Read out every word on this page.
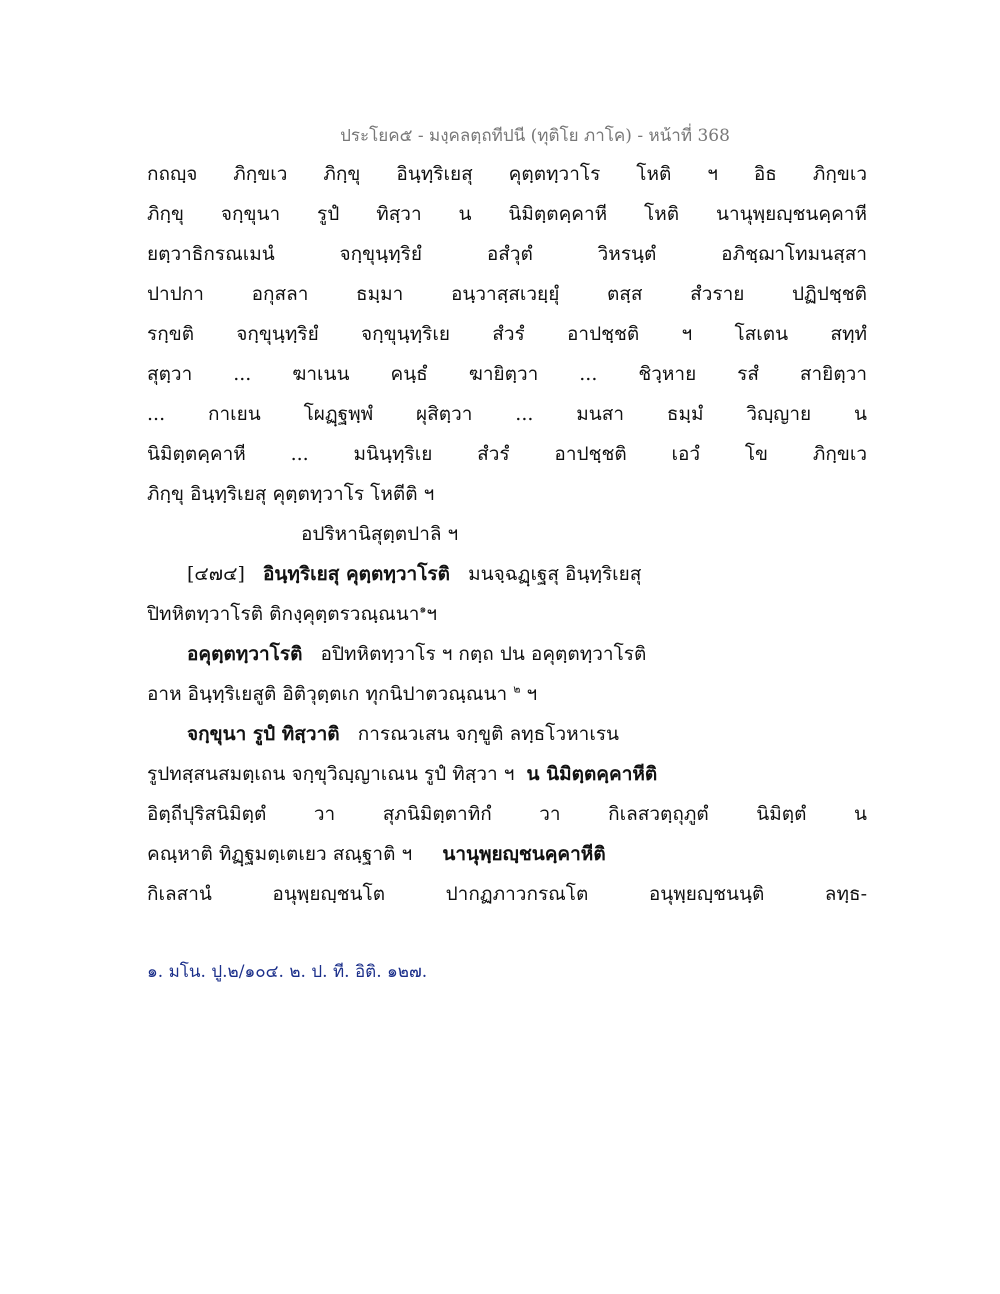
ประโยค๕ - มงฺคลตฺถทีปนี (ทุติโย ภาโค) - หน้าที่ 368
กถญฺจ ภิกฺขเว ภิกฺขุ อินฺทฺริเยสุ คุตฺตทฺวาโร โหติ ฯ อิธ ภิกฺขเว
ภิกฺขุ จกฺขุนา รูปํ ทิสฺวา น นิมิตฺตคฺคาหี โหติ นานุพฺยญฺชนคฺคาหี
ยตฺวาธิกรณเมนํ จกฺขุนฺทฺริยํ อสํวุตํ วิหรนฺตํ อภิชฺฌาโทมนสฺสา
ปาปกา อกุสลา ธมฺมา อนฺวาสฺสเวยฺยุํ ตสฺส สํวราย ปฏิปชฺชติ
รกฺขติ จกฺขุนฺทฺริยํ จกฺขุนฺทฺริเย สํวรํ อาปชฺชติ ฯ โสเตน สทฺทํ
สุตฺวา ... ฆาเนน คนฺธํ ฆายิตฺวา ... ชิวฺหาย รสํ สายิตฺวา
... กาเยน โผฏฺฐพฺพํ ผุสิตฺวา ... มนสา ธมฺมํ วิญฺญาย น
นิมิตฺตคฺคาหี ... มนินฺทฺริเย สํวรํ อาปชฺชติ เอวํ โข ภิกฺขเว
ภิกฺขุ อินฺทฺริเยสุ คุตฺตทฺวาโร โหตีติ ฯ
อปริหานิสุตฺตปาลิ ฯ
[๔๗๔] อินฺทฺริเยสุ คุตฺตทฺวาโรติ มนจฺฉฏฺเฐสุ อินฺทฺริเยสุ
ปิทหิตทฺวาโรติ ติกงฺคุตฺตรวณฺณนา$^๑$ฯ
อคุตฺตทฺวาโรติ อปิทหิตทฺวาโร ฯ กตฺถ ปน อคุตฺตทฺวาโรติ
อาห อินฺทฺริเยสูติ อิติวุตฺตเก ทุกนิปาตวณฺณนา $^๒$ ฯ
จกฺขุนา รูปํ ทิสฺวาติ การณวเสน จกฺขูติ ลทฺธโวหาเรน
รูปทสฺสนสมตฺเถน จกฺขุวิญฺญาเณน รูปํ ทิสฺวา ฯ น นิมิตฺตคฺคาหีติ
อิตฺถีปุริสนิมิตฺตํ วา สุภนิมิตฺตาทิกํ วา กิเลสวตฺถุภูตํ นิมิตฺตํ น
คณฺหาติ ทิฏฺฐมตฺเตเยว สณฺฐาติ ฯ นานุพฺยญฺชนคฺคาหีติ
กิเลสานํ อนุพฺยญฺชนโต ปากฏภาวกรณโต อนุพฺยญฺชนนฺติ ลทฺธ-
๑. มโน. ปู.๒/๑๐๔. ๒. ป. ที. อิติ. ๑๒๗.
